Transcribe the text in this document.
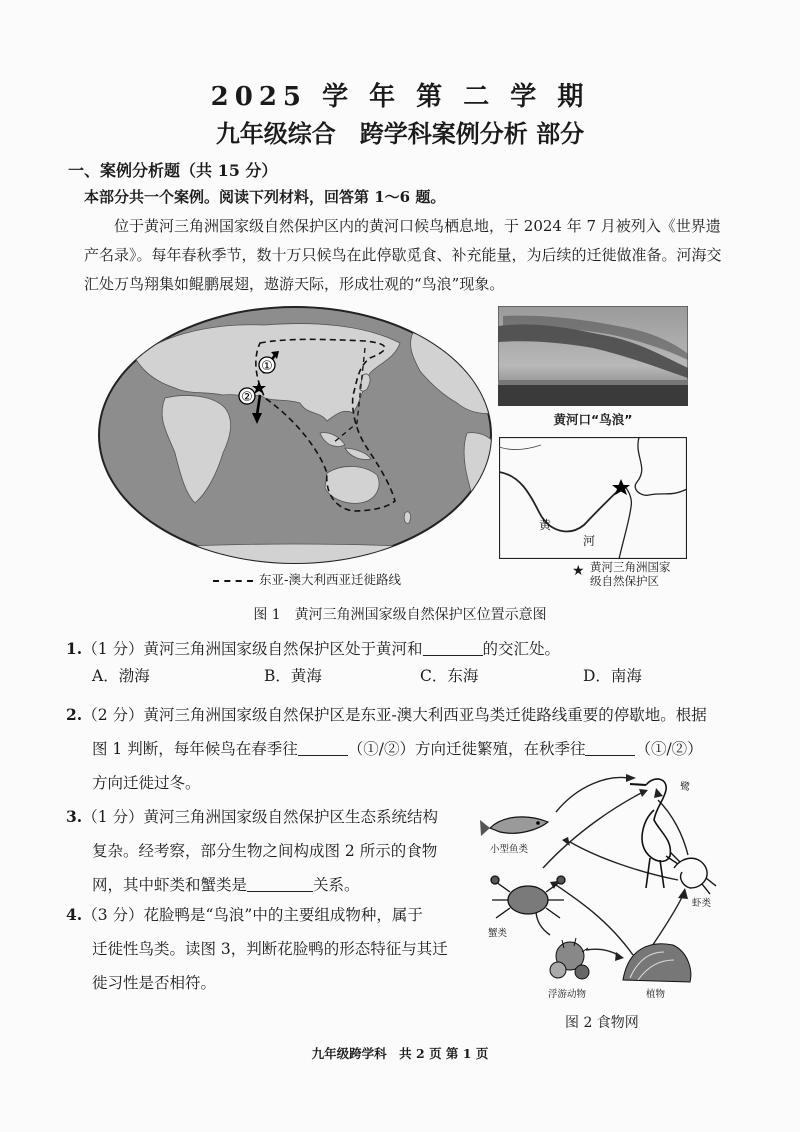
2025 学 年 第 二 学 期
九年级综合　跨学科案例分析 部分
一、案例分析题（共 15 分）
本部分共一个案例。阅读下列材料，回答第 1～6 题。

位于黄河三角洲国家级自然保护区内的黄河口候鸟栖息地，于 2024 年 7 月被列入《世界遗产名录》。每年春秋季节，数十万只候鸟在此停歇觅食、补充能量，为后续的迁徙做准备。河海交汇处万鸟翔集如鲲鹏展翅，遨游天际，形成壮观的“鸟浪”现象。

①
②
东亚-澳大利西亚迁徙路线
黄河口“鸟浪”
黄
河
★ 黄河三角洲国家
级自然保护区
图 1　黄河三角洲国家级自然保护区位置示意图
1.（1 分）黄河三角洲国家级自然保护区处于黄河和	的交汇处。
A．渤海	B．黄海	C．东海	D．南海
2.（2 分）黄河三角洲国家级自然保护区是东亚-澳大利西亚鸟类迁徙路线重要的停歇地。根据
图 1 判断，每年候鸟在春季往	（①/②）方向迁徙繁殖，在秋季往	（①/②）
方向迁徙过冬。
3.（1 分）黄河三角洲国家级自然保护区生态系统结构
复杂。经考察，部分生物之间构成图 2 所示的食物
网，其中虾类和蟹类是	关系。
4.（3 分）花脸鸭是“鸟浪”中的主要组成物种，属于
迁徙性鸟类。读图 3，判断花脸鸭的形态特征与其迁
徙习性是否相符。
鹭
小型鱼类
虾类
蟹类
浮游动物	植物
图 2 食物网
九年级跨学科　共 2 页 第 1 页
